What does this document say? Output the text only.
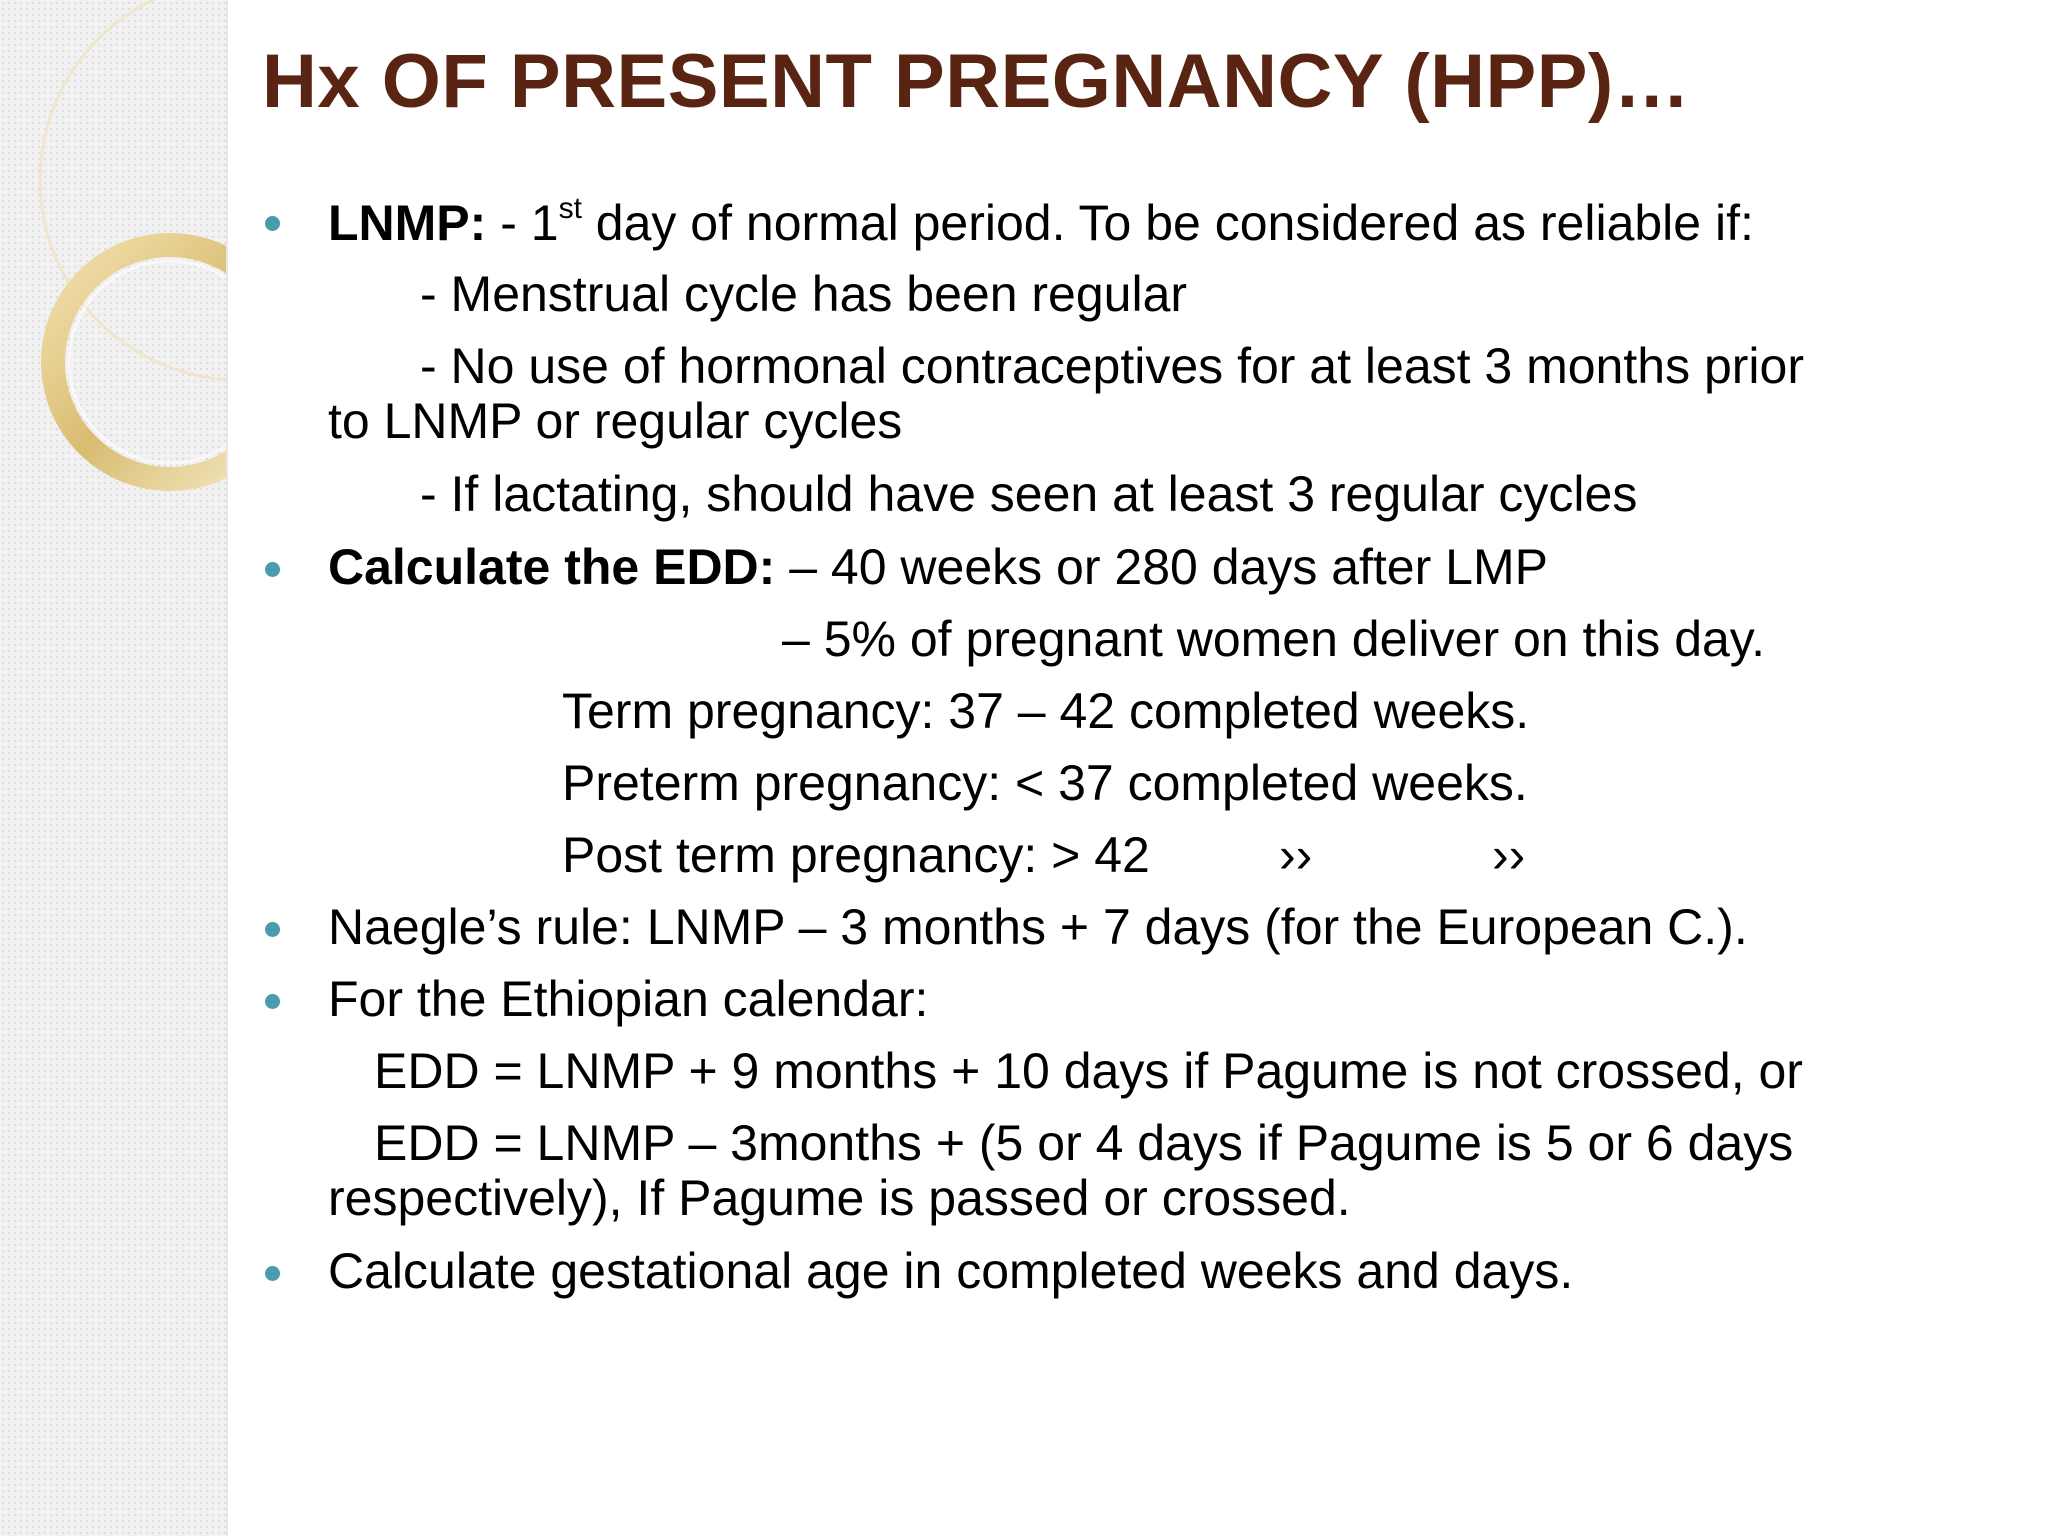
Hx OF PRESENT PREGNANCY (HPP)…
LNMP: - 1st day of normal period. To be considered as reliable if:
- Menstrual cycle has been regular
- No use of hormonal contraceptives for at least 3 months prior
to LNMP or regular cycles
- If lactating, should have seen at least 3 regular cycles
Calculate the EDD: – 40 weeks or 280 days after LMP
– 5% of pregnant women deliver on this day.
Term pregnancy: 37 – 42 completed weeks.
Preterm pregnancy: < 37 completed weeks.
Post term pregnancy: > 42	››	››
Naegle’s rule: LNMP – 3 months + 7 days (for the European C.).
For the Ethiopian calendar:
EDD = LNMP + 9 months + 10 days if Pagume is not crossed, or
EDD = LNMP – 3months + (5 or 4 days if Pagume is 5 or 6 days
respectively), If Pagume is passed or crossed.
Calculate gestational age in completed weeks and days.
